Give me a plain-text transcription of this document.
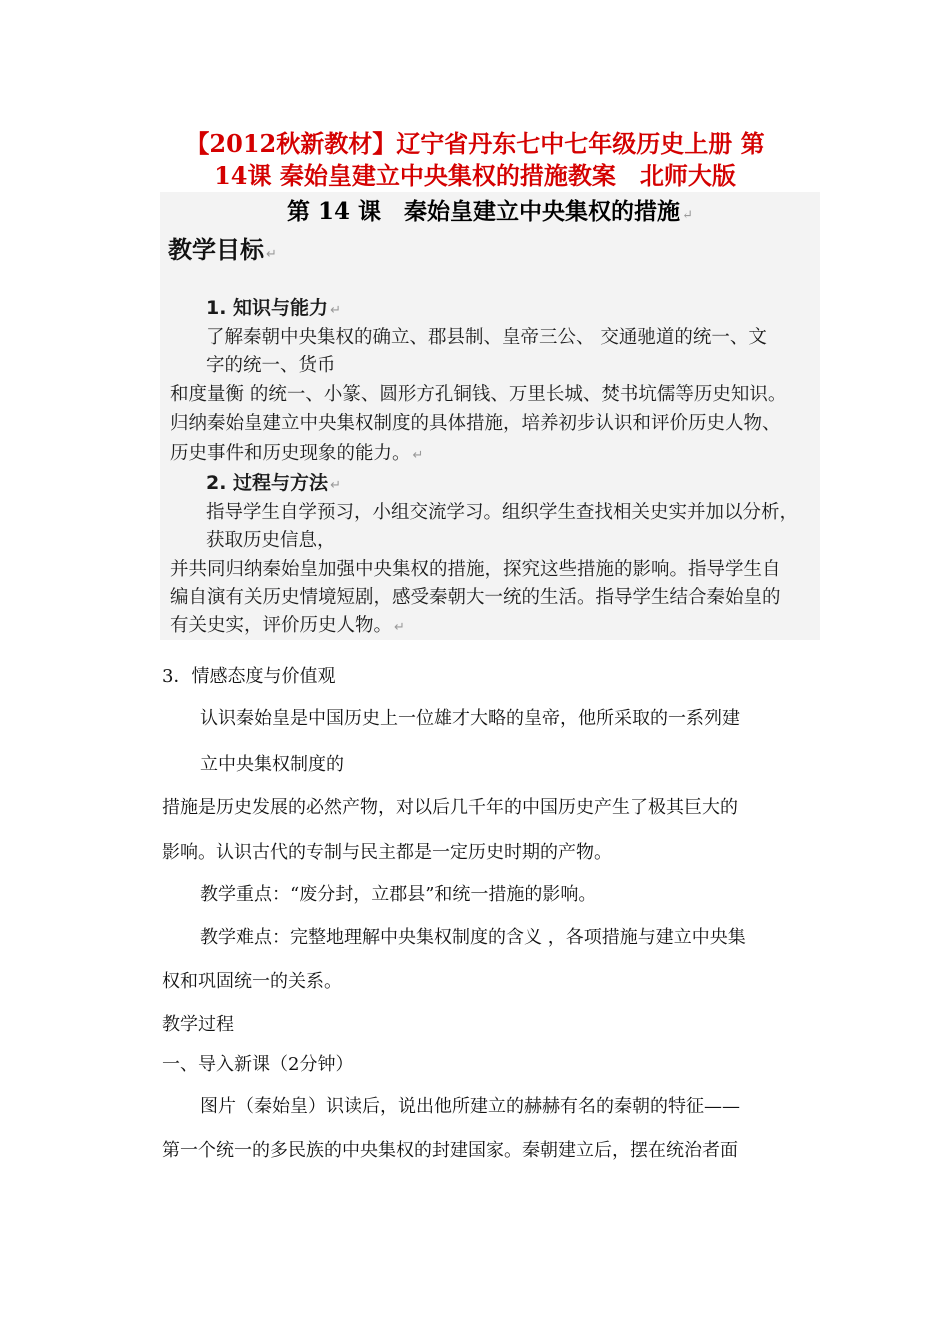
【2012秋新教材】辽宁省丹东七中七年级历史上册 第
14课 秦始皇建立中央集权的措施教案　北师大版
第 14 课　秦始皇建立中央集权的措施 ↵
教学目标 ↵
1. 知识与能力 ↵
了解秦朝中央集权的确立、郡县制、皇帝三公、 交通驰道的统一、文
字的统一、货币
和度量衡 的统一、小篆、圆形方孔铜钱、万里长城、焚书坑儒等历史知识。
归纳秦始皇建立中央集权制度的具体措施，培养初步认识和评价历史人物、
历史事件和历史现象的能力。 ↵
2. 过程与方法 ↵
指导学生自学预习，小组交流学习。组织学生查找相关史实并加以分析，
获取历史信息，
并共同归纳秦始皇加强中央集权的措施，探究这些措施的影响。指导学生自
编自演有关历史情境短剧，感受秦朝大一统的生活。指导学生结合秦始皇的
有关史实，评价历史人物。 ↵
3．情感态度与价值观
认识秦始皇是中国历史上一位雄才大略的皇帝，他所采取的一系列建
立中央集权制度的
措施是历史发展的必然产物，对以后几千年的中国历史产生了极其巨大的
影响。认识古代的专制与民主都是一定历史时期的产物。
教学重点：“废分封，立郡县”和统一措施的影响。
教学难点：完整地理解中央集权制度的含义 ，各项措施与建立中央集
权和巩固统一的关系。
教学过程
一、导入新课（2分钟）
图片（秦始皇）识读后，说出他所建立的赫赫有名的秦朝的特征——
第一个统一的多民族的中央集权的封建国家。秦朝建立后，摆在统治者面
